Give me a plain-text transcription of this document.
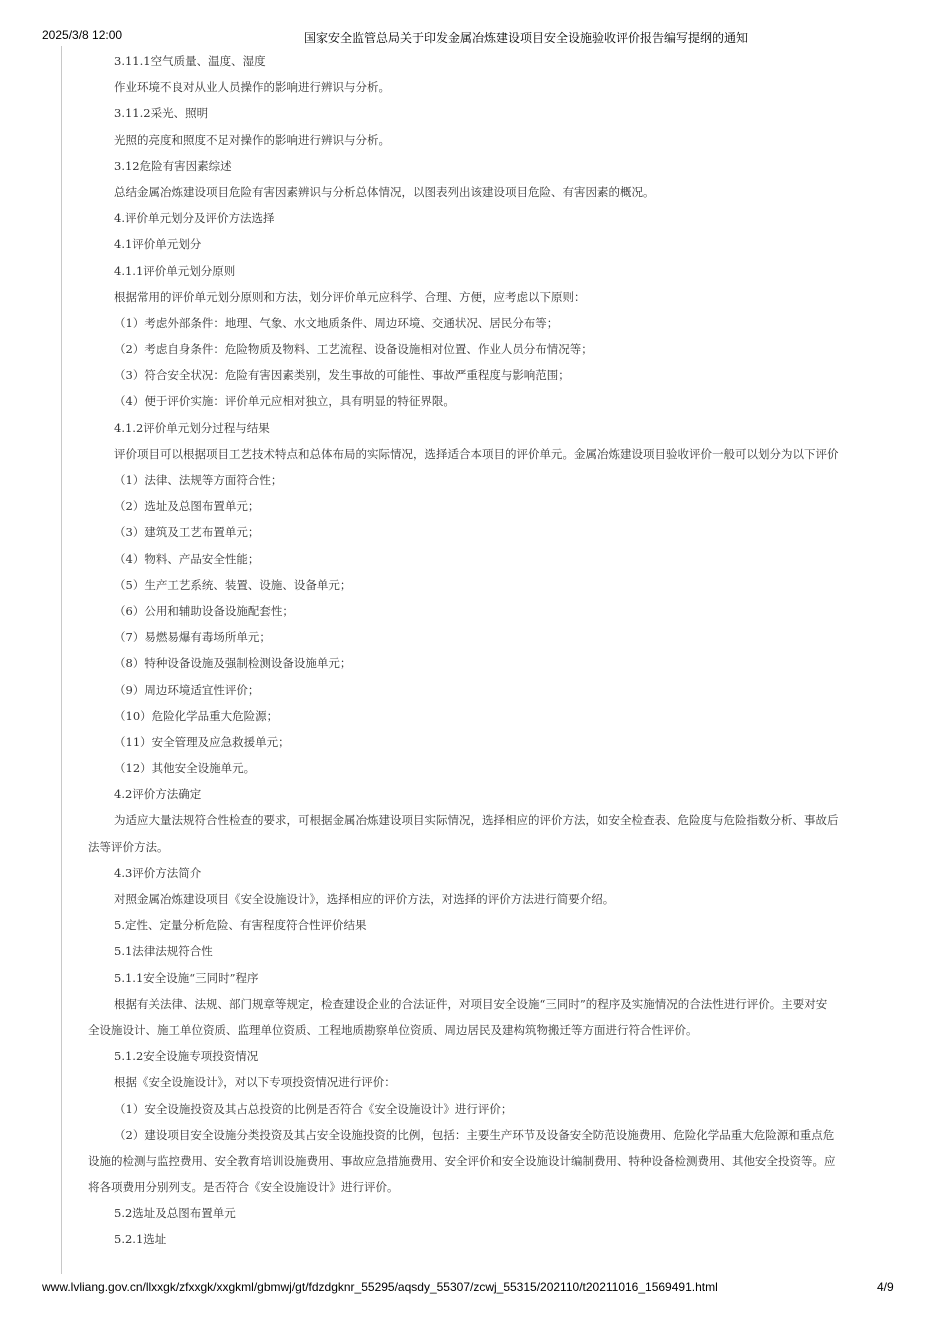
2025/3/8 12:00	国家安全监管总局关于印发金属冶炼建设项目安全设施验收评价报告编写提纲的通知
3.11.1空气质量、温度、湿度
作业环境不良对从业人员操作的影响进行辨识与分析。
3.11.2采光、照明
光照的亮度和照度不足对操作的影响进行辨识与分析。
3.12危险有害因素综述
总结金属冶炼建设项目危险有害因素辨识与分析总体情况，以图表列出该建设项目危险、有害因素的概况。
4.评价单元划分及评价方法选择
4.1评价单元划分
4.1.1评价单元划分原则
根据常用的评价单元划分原则和方法，划分评价单元应科学、合理、方便，应考虑以下原则：
（1）考虑外部条件：地理、气象、水文地质条件、周边环境、交通状况、居民分布等；
（2）考虑自身条件：危险物质及物料、工艺流程、设备设施相对位置、作业人员分布情况等；
（3）符合安全状况：危险有害因素类别，发生事故的可能性、事故严重程度与影响范围；
（4）便于评价实施：评价单元应相对独立，具有明显的特征界限。
4.1.2评价单元划分过程与结果
评价项目可以根据项目工艺技术特点和总体布局的实际情况，选择适合本项目的评价单元。金属冶炼建设项目验收评价一般可以划分为以下评价
（1）法律、法规等方面符合性；
（2）选址及总图布置单元；
（3）建筑及工艺布置单元；
（4）物料、产品安全性能；
（5）生产工艺系统、装置、设施、设备单元；
（6）公用和辅助设备设施配套性；
（7）易燃易爆有毒场所单元；
（8）特种设备设施及强制检测设备设施单元；
（9）周边环境适宜性评价；
（10）危险化学品重大危险源；
（11）安全管理及应急救援单元；
（12）其他安全设施单元。
4.2评价方法确定
为适应大量法规符合性检查的要求，可根据金属冶炼建设项目实际情况，选择相应的评价方法，如安全检查表、危险度与危险指数分析、事故后
法等评价方法。
4.3评价方法简介
对照金属冶炼建设项目《安全设施设计》，选择相应的评价方法，对选择的评价方法进行简要介绍。
5.定性、定量分析危险、有害程度符合性评价结果
5.1法律法规符合性
5.1.1安全设施“三同时”程序
根据有关法律、法规、部门规章等规定，检查建设企业的合法证件，对项目安全设施“三同时”的程序及实施情况的合法性进行评价。主要对安
全设施设计、施工单位资质、监理单位资质、工程地质勘察单位资质、周边居民及建构筑物搬迁等方面进行符合性评价。
5.1.2安全设施专项投资情况
根据《安全设施设计》，对以下专项投资情况进行评价：
（1）安全设施投资及其占总投资的比例是否符合《安全设施设计》进行评价；
（2）建设项目安全设施分类投资及其占安全设施投资的比例，包括：主要生产环节及设备安全防范设施费用、危险化学品重大危险源和重点危
设施的检测与监控费用、安全教育培训设施费用、事故应急措施费用、安全评价和安全设施设计编制费用、特种设备检测费用、其他安全投资等。应
将各项费用分别列支。是否符合《安全设施设计》进行评价。
5.2选址及总图布置单元
5.2.1选址
www.lvliang.gov.cn/llxxgk/zfxxgk/xxgkml/gbmwj/gt/fdzdgknr_55295/aqsdy_55307/zcwj_55315/202110/t20211016_1569491.html	4/9
